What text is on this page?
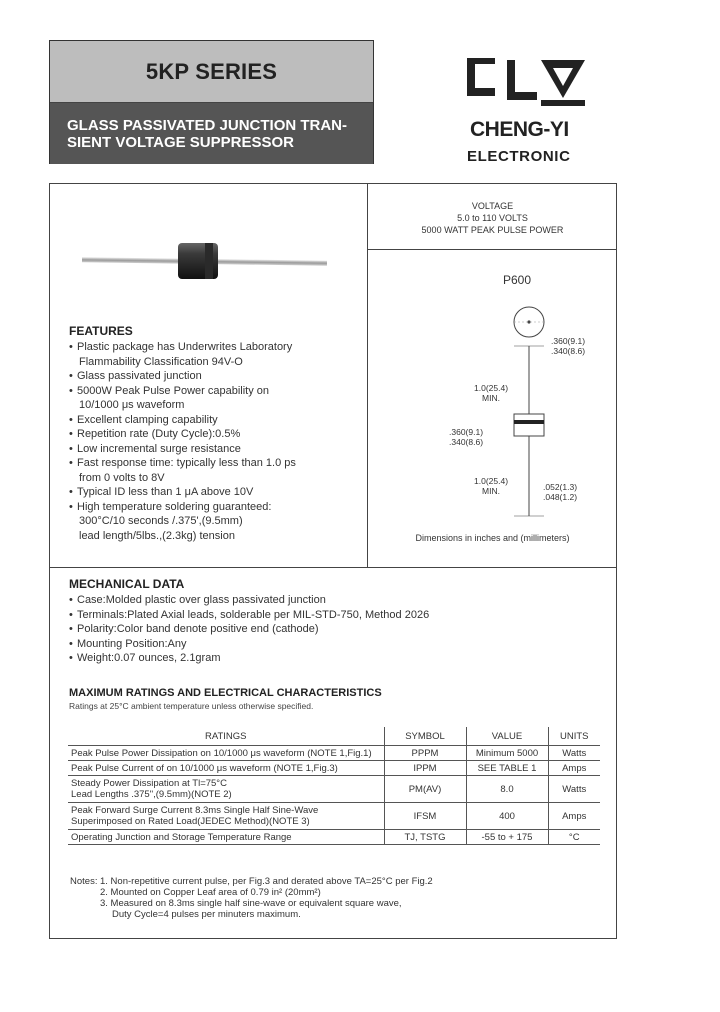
5KP SERIES
GLASS PASSIVATED JUNCTION TRAN-
SIENT VOLTAGE SUPPRESSOR
CHENG-YI
ELECTRONIC
VOLTAGE
5.0 to 110 VOLTS
5000 WATT PEAK PULSE POWER
P600
.360(9.1)
.340(8.6)
1.0(25.4)
MIN.
.360(9.1)
.340(8.6)
1.0(25.4)
MIN.	.052(1.3)
.048(1.2)
Dimensions in inches and (millimeters)
FEATURES
• Plastic package has Underwrites Laboratory
Flammability Classification 94V-O
• Glass passivated junction
• 5000W Peak Pulse Power capability on
10/1000 μs waveform
• Excellent clamping capability
• Repetition rate (Duty Cycle):0.5%
• Low incremental surge resistance
• Fast response time: typically less than 1.0 ps
from 0 volts to 8V
• Typical ID less than 1 μA above 10V
• High temperature soldering guaranteed:
300°C/10 seconds /.375',(9.5mm)
lead length/5lbs.,(2.3kg) tension
MECHANICAL DATA
• Case:Molded plastic over glass passivated junction
• Terminals:Plated Axial leads, solderable per MIL-STD-750, Method 2026
• Polarity:Color band denote positive end (cathode)
• Mounting Position:Any
• Weight:0.07 ounces, 2.1gram
MAXIMUM RATINGS AND ELECTRICAL CHARACTERISTICS
Ratings at 25°C ambient temperature unless otherwise specified.
RATINGS	SYMBOL	VALUE	UNITS

Peak Pulse Power Dissipation on 10/1000 μs waveform (NOTE 1,Fig.1)	PPPM	Minimum 5000	Watts

Peak Pulse Current of on 10/1000 μs waveform (NOTE 1,Fig.3)	IPPM	SEE TABLE 1	Amps

Steady Power Dissipation at Tl=75°C
Lead Lengths .375",(9.5mm)(NOTE 2)	PM(AV)	8.0	Watts

Peak Forward Surge Current 8.3ms Single Half Sine-Wave
Superimposed on Rated Load(JEDEC Method)(NOTE 3)	IFSM	400	Amps

Operating Junction and Storage Temperature Range	TJ, TSTG	-55 to + 175	°C
Notes: 1. Non-repetitive current pulse, per Fig.3 and derated above TA=25°C per Fig.2
2. Mounted on Copper Leaf area of 0.79 in² (20mm²)
3. Measured on 8.3ms single half sine-wave or equivalent square wave,
Duty Cycle=4 pulses per minuters maximum.
